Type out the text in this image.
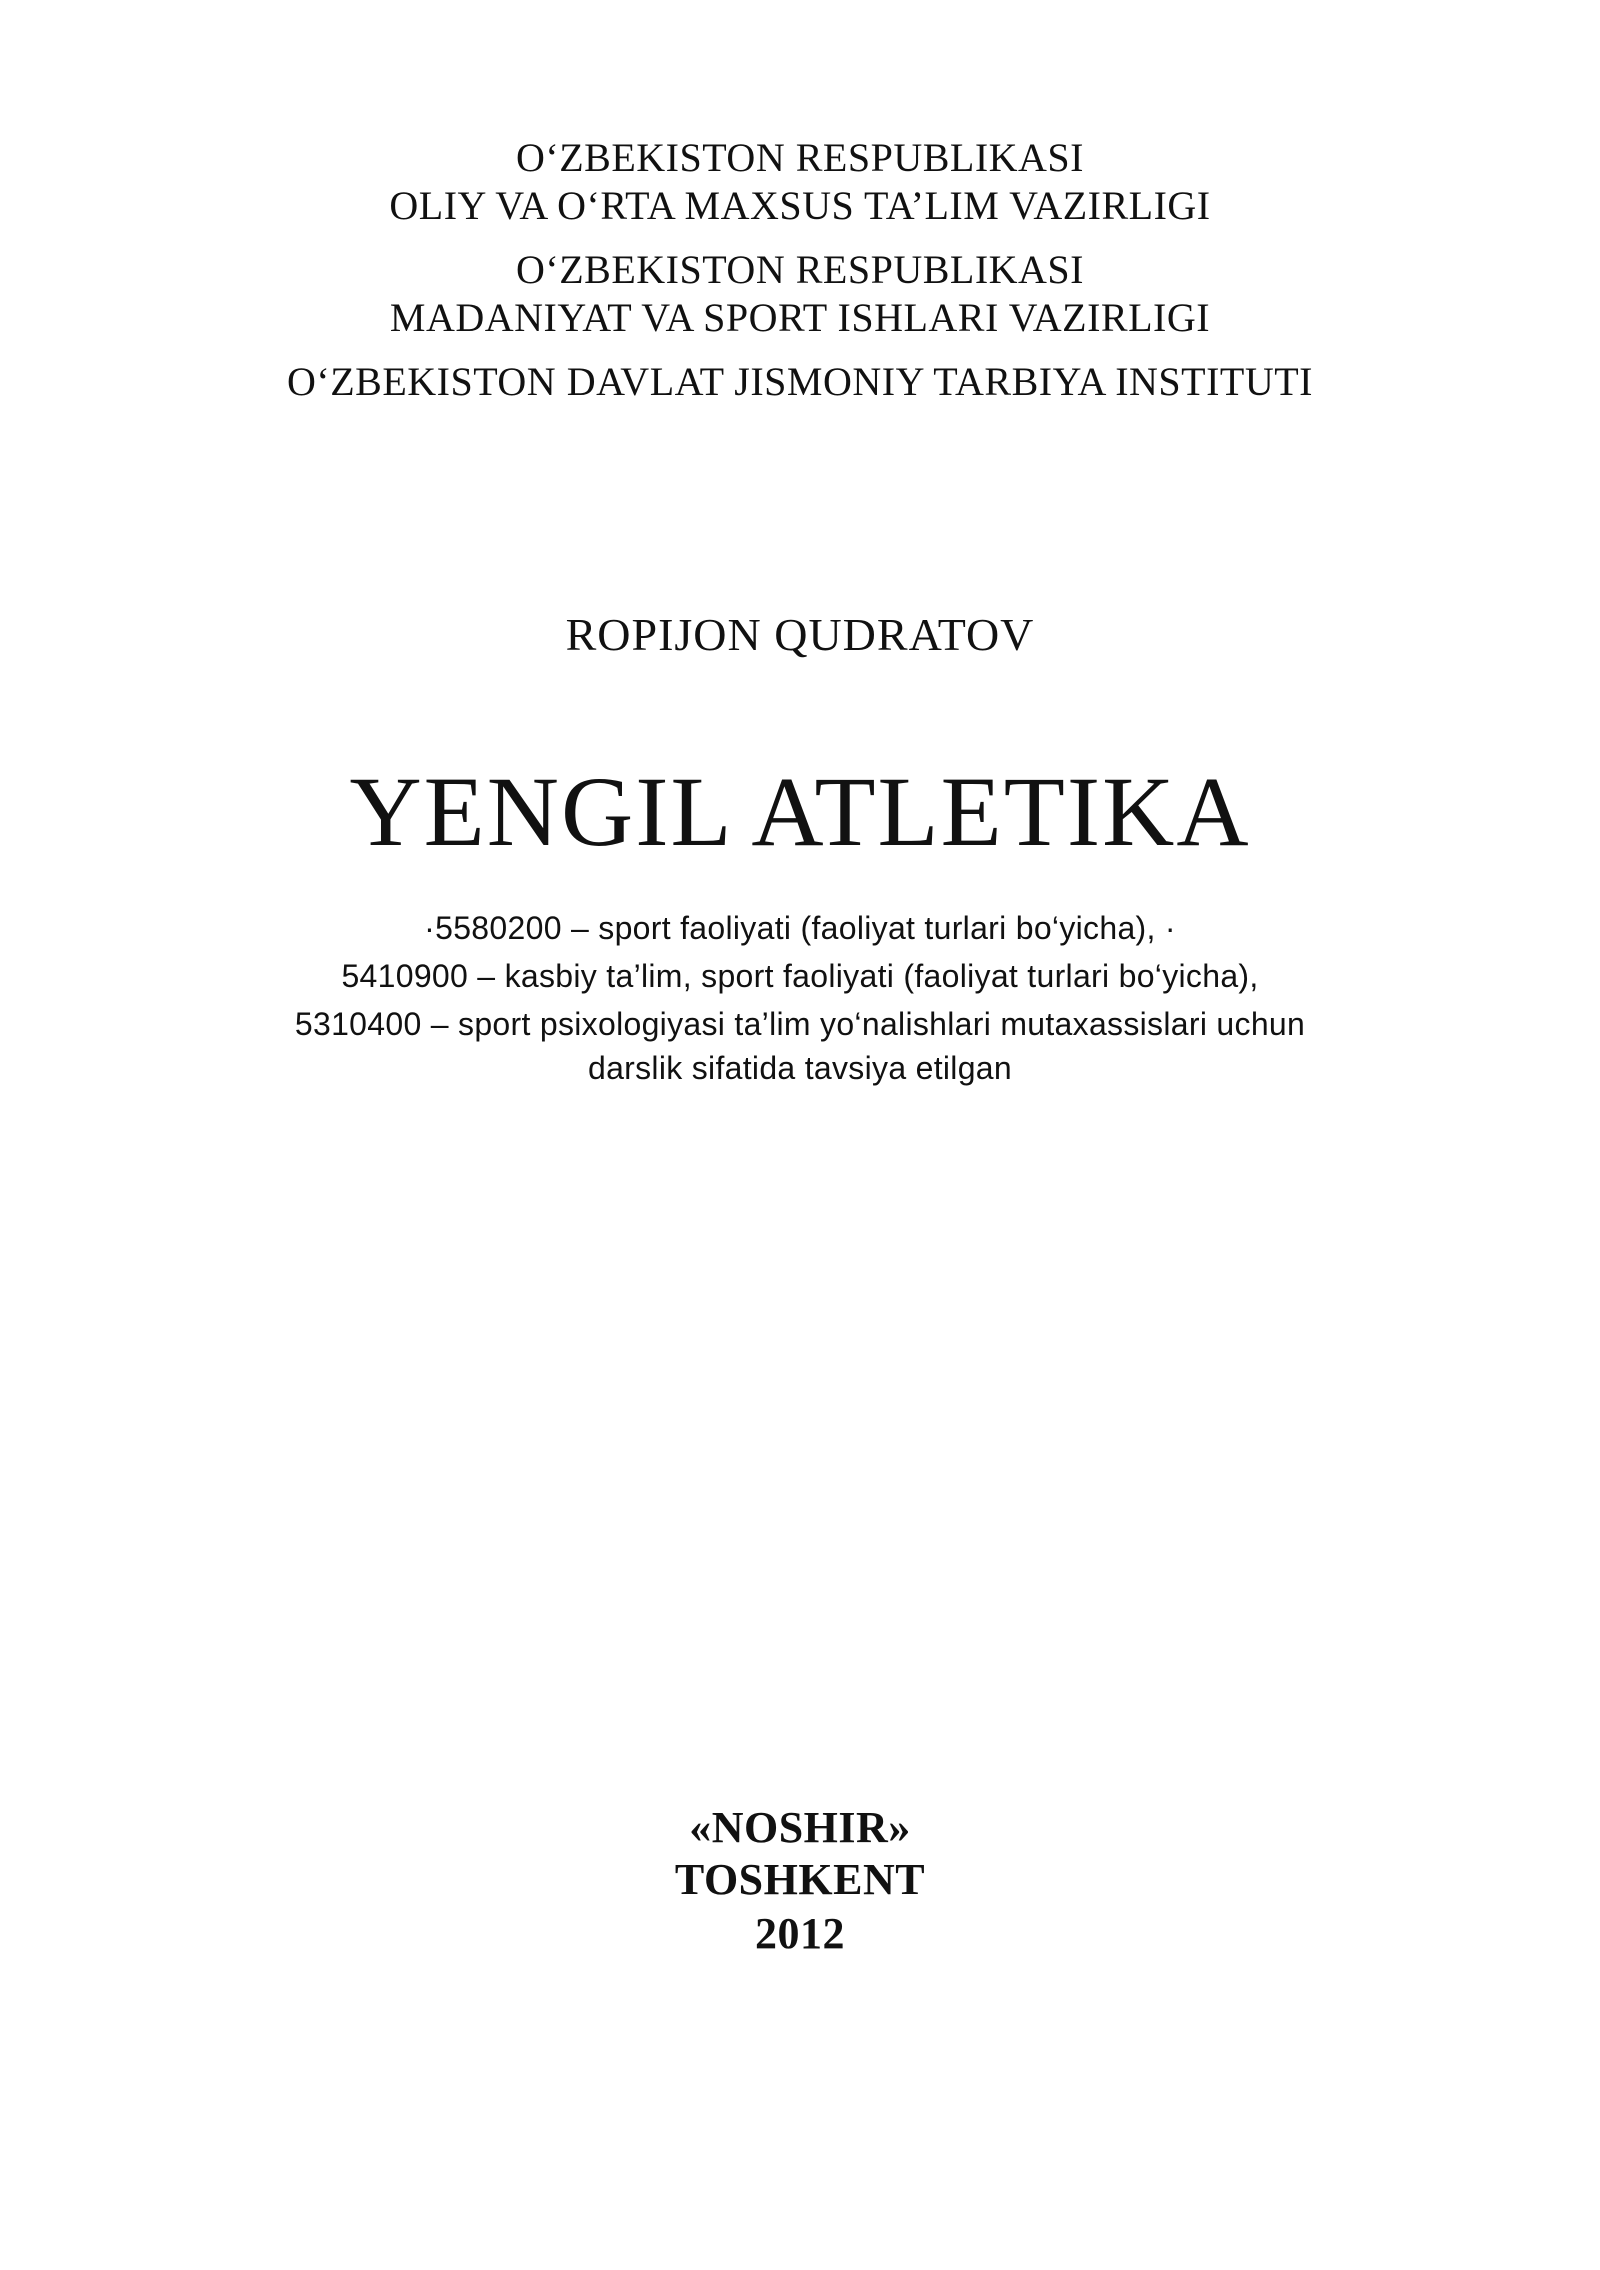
O‘ZBEKISTON RESPUBLIKASI
OLIY VA O‘RTA MAXSUS TA’LIM VAZIRLIGI
O‘ZBEKISTON RESPUBLIKASI
MADANIYAT VA SPORT ISHLARI VAZIRLIGI
O‘ZBEKISTON DAVLAT JISMONIY TARBIYA INSTITUTI
ROPIJON QUDRATOV
YENGIL ATLETIKA
·5580200 – sport faoliyati (faoliyat turlari bo‘yicha), ·
5410900 – kasbiy ta’lim, sport faoliyati (faoliyat turlari bo‘yicha),
5310400 – sport psixologiyasi ta’lim yo‘nalishlari mutaxassislari uchun
darslik sifatida tavsiya etilgan
«NOSHIR»
TOSHKENT
2012
